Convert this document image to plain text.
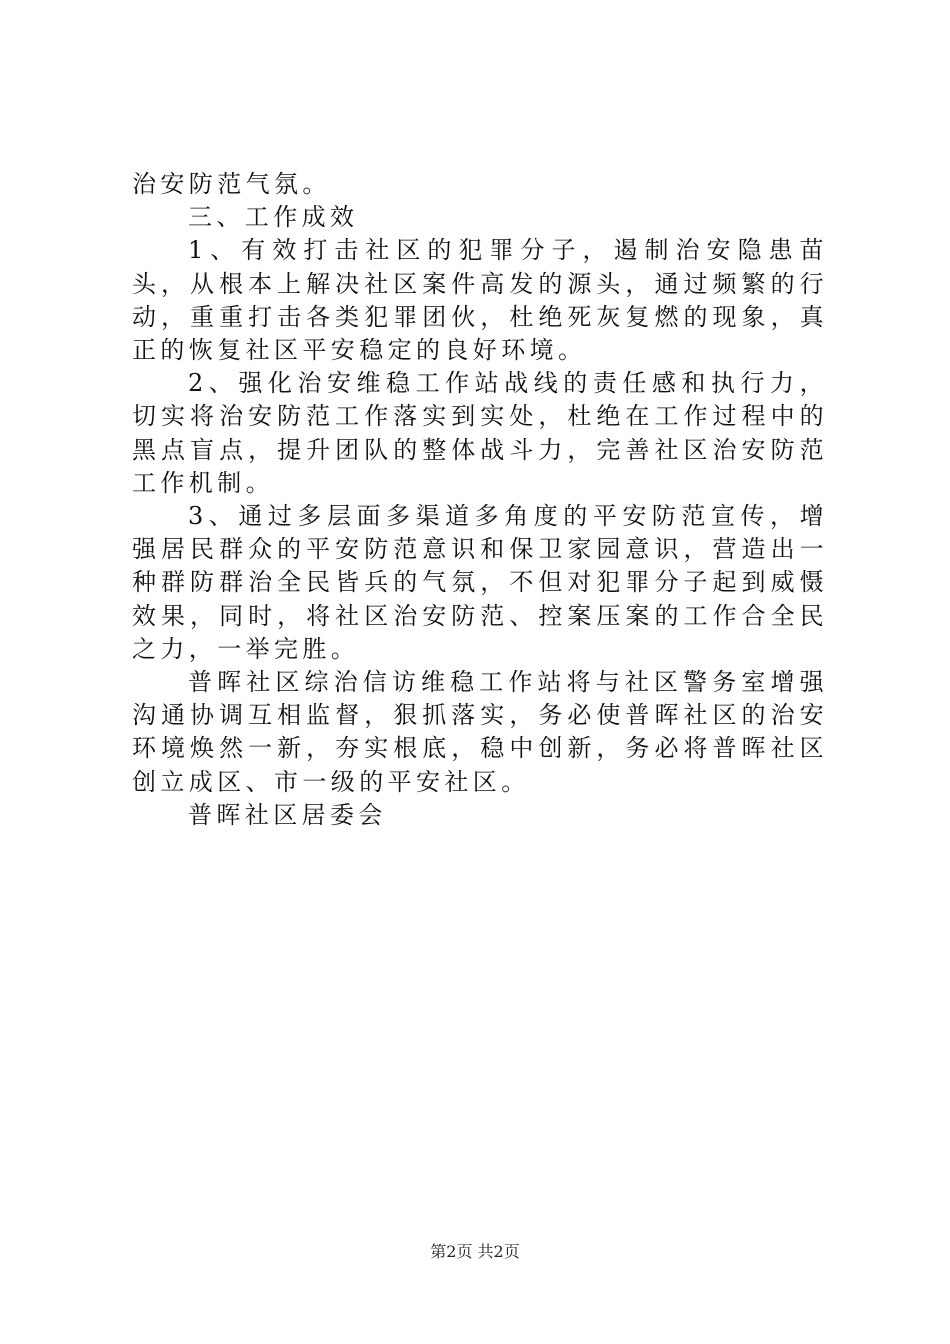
治安防范气氛。

三、工作成效

1、有效打击社区的犯罪分子，遏制治安隐患苗头，从根本上解决社区案件高发的源头，通过频繁的行动，重重打击各类犯罪团伙，杜绝死灰复燃的现象，真正的恢复社区平安稳定的良好环境。

2、强化治安维稳工作站战线的责任感和执行力，切实将治安防范工作落实到实处，杜绝在工作过程中的黑点盲点，提升团队的整体战斗力，完善社区治安防范工作机制。

3、通过多层面多渠道多角度的平安防范宣传，增强居民群众的平安防范意识和保卫家园意识，营造出一种群防群治全民皆兵的气氛，不但对犯罪分子起到威慑效果，同时，将社区治安防范、控案压案的工作合全民之力，一举完胜。

普晖社区综治信访维稳工作站将与社区警务室增强沟通协调互相监督，狠抓落实，务必使普晖社区的治安环境焕然一新，夯实根底，稳中创新，务必将普晖社区创立成区、市一级的平安社区。

普晖社区居委会

第2页 共2页
